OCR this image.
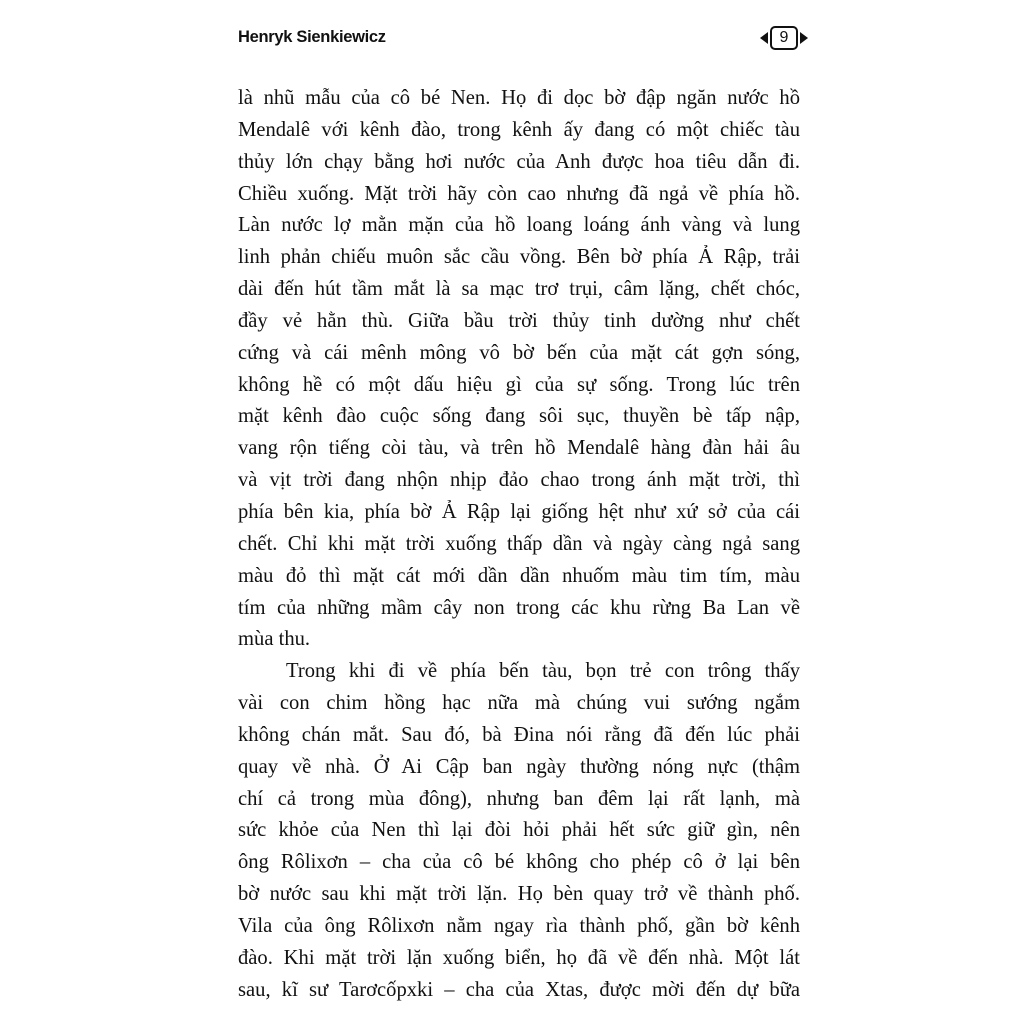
Henryk Sienkiewicz	9
là nhũ mẫu của cô bé Nen. Họ đi dọc bờ đập ngăn nước hồ
Mendalê với kênh đào, trong kênh ấy đang có một chiếc tàu
thủy lớn chạy bằng hơi nước của Anh được hoa tiêu dẫn đi.
Chiều xuống. Mặt trời hãy còn cao nhưng đã ngả về phía hồ.
Làn nước lợ mằn mặn của hồ loang loáng ánh vàng và lung
linh phản chiếu muôn sắc cầu vồng. Bên bờ phía Ả Rập, trải
dài đến hút tầm mắt là sa mạc trơ trụi, câm lặng, chết chóc,
đầy vẻ hằn thù. Giữa bầu trời thủy tinh dường như chết
cứng và cái mênh mông vô bờ bến của mặt cát gợn sóng,
không hề có một dấu hiệu gì của sự sống. Trong lúc trên
mặt kênh đào cuộc sống đang sôi sục, thuyền bè tấp nập,
vang rộn tiếng còi tàu, và trên hồ Mendalê hàng đàn hải âu
và vịt trời đang nhộn nhịp đảo chao trong ánh mặt trời, thì
phía bên kia, phía bờ Ả Rập lại giống hệt như xứ sở của cái
chết. Chỉ khi mặt trời xuống thấp dần và ngày càng ngả sang
màu đỏ thì mặt cát mới dần dần nhuốm màu tim tím, màu
tím của những mầm cây non trong các khu rừng Ba Lan về
mùa thu.
Trong khi đi về phía bến tàu, bọn trẻ con trông thấy
vài con chim hồng hạc nữa mà chúng vui sướng ngắm
không chán mắt. Sau đó, bà Đina nói rằng đã đến lúc phải
quay về nhà. Ở Ai Cập ban ngày thường nóng nực (thậm
chí cả trong mùa đông), nhưng ban đêm lại rất lạnh, mà
sức khỏe của Nen thì lại đòi hỏi phải hết sức giữ gìn, nên
ông Rôlixơn – cha của cô bé không cho phép cô ở lại bên
bờ nước sau khi mặt trời lặn. Họ bèn quay trở về thành phố.
Vila của ông Rôlixơn nằm ngay rìa thành phố, gần bờ kênh
đào. Khi mặt trời lặn xuống biển, họ đã về đến nhà. Một lát
sau, kĩ sư Tarơcốpxki – cha của Xtas, được mời đến dự bữa
